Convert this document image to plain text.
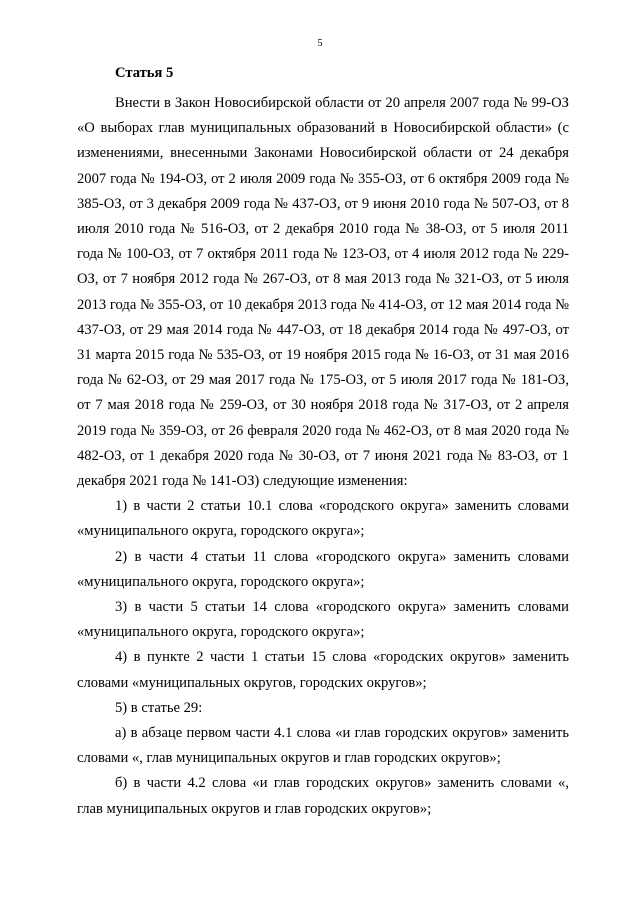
5
Статья 5

Внести в Закон Новосибирской области от 20 апреля 2007 года № 99-ОЗ «О выборах глав муниципальных образований в Новосибирской области» (с изменениями, внесенными Законами Новосибирской области от 24 декабря 2007 года № 194-ОЗ, от 2 июля 2009 года № 355-ОЗ, от 6 октября 2009 года № 385-ОЗ, от 3 декабря 2009 года № 437-ОЗ, от 9 июня 2010 года № 507-ОЗ, от 8 июля 2010 года № 516-ОЗ, от 2 декабря 2010 года № 38-ОЗ, от 5 июля 2011 года № 100-ОЗ, от 7 октября 2011 года № 123-ОЗ, от 4 июля 2012 года № 229-ОЗ, от 7 ноября 2012 года № 267-ОЗ, от 8 мая 2013 года № 321-ОЗ, от 5 июля 2013 года № 355-ОЗ, от 10 декабря 2013 года № 414-ОЗ, от 12 мая 2014 года № 437-ОЗ, от 29 мая 2014 года № 447-ОЗ, от 18 декабря 2014 года № 497-ОЗ, от 31 марта 2015 года № 535-ОЗ, от 19 ноября 2015 года № 16-ОЗ, от 31 мая 2016 года № 62-ОЗ, от 29 мая 2017 года № 175-ОЗ, от 5 июля 2017 года № 181-ОЗ, от 7 мая 2018 года № 259-ОЗ, от 30 ноября 2018 года № 317-ОЗ, от 2 апреля 2019 года № 359-ОЗ, от 26 февраля 2020 года № 462-ОЗ, от 8 мая 2020 года № 482-ОЗ, от 1 декабря 2020 года № 30-ОЗ, от 7 июня 2021 года № 83-ОЗ, от 1 декабря 2021 года № 141-ОЗ) следующие изменения:

1) в части 2 статьи 10.1 слова «городского округа» заменить словами «муниципального округа, городского округа»;

2) в части 4 статьи 11 слова «городского округа» заменить словами «муниципального округа, городского округа»;

3) в части 5 статьи 14 слова «городского округа» заменить словами «муниципального округа, городского округа»;

4) в пункте 2 части 1 статьи 15 слова «городских округов» заменить словами «муниципальных округов, городских округов»;

5) в статье 29:

а) в абзаце первом части 4.1 слова «и глав городских округов» заменить словами «, глав муниципальных округов и глав городских округов»;

б) в части 4.2 слова «и глав городских округов» заменить словами «, глав муниципальных округов и глав городских округов»;
